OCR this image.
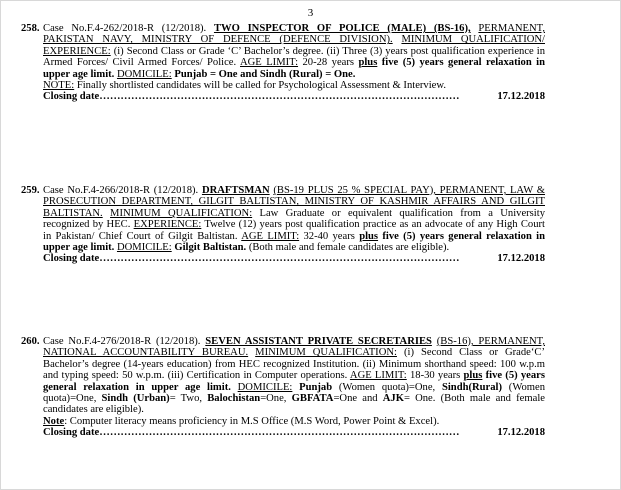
3
258. Case No.F.4-262/2018-R (12/2018). TWO INSPECTOR OF POLICE (MALE) (BS-16), PERMANENT, PAKISTAN NAVY, MINISTRY OF DEFENCE (DEFENCE DIVISION). MINIMUM QUALIFICATION/ EXPERIENCE: (i) Second Class or Grade ‘C’ Bachelor’s degree. (ii) Three (3) years post qualification experience in Armed Forces/ Civil Armed Forces/ Police. AGE LIMIT: 20-28 years plus five (5) years general relaxation in upper age limit. DOMICILE: Punjab = One and Sindh (Rural) = One.

NOTE: Finally shortlisted candidates will be called for Psychological Assessment & Interview.

Closing date …………………………………………………………………………………………	17.12.2018
259. Case No.F.4-266/2018-R (12/2018). DRAFTSMAN (BS-19 PLUS 25 % SPECIAL PAY), PERMANENT, LAW & PROSECUTION DEPARTMENT, GILGIT BALTISTAN, MINISTRY OF KASHMIR AFFAIRS AND GILGIT BALTISTAN. MINIMUM QUALIFICATION: Law Graduate or equivalent qualification from a University recognized by HEC. EXPERIENCE: Twelve (12) years post qualification practice as an advocate of any High Court in Pakistan/ Chief Court of Gilgit Baltistan. AGE LIMIT: 32-40 years plus five (5) years general relaxation in upper age limit. DOMICILE: Gilgit Baltistan. (Both male and female candidates are eligible).

Closing date …………………………………………………………………………………………	17.12.2018
260. Case No.F.4-276/2018-R (12/2018). SEVEN ASSISTANT PRIVATE SECRETARIES (BS-16), PERMANENT, NATIONAL ACCOUNTABILITY BUREAU. MINIMUM QUALIFICATION: (i) Second Class or Grade‘C’ Bachelor’s degree (14-years education) from HEC recognized Institution. (ii) Minimum shorthand speed: 100 w.p.m and typing speed: 50 w.p.m. (iii) Certification in Computer operations. AGE LIMIT: 18-30 years plus five (5) years general relaxation in upper age limit. DOMICILE: Punjab (Women quota)=One, Sindh(Rural) (Women quota)=One, Sindh (Urban)= Two, Balochistan=One, GBFATA=One and AJK= One. (Both male and female candidates are eligible).

Note: Computer literacy means proficiency in M.S Office (M.S Word, Power Point & Excel).

Closing date …………………………………………………………………………………………	17.12.2018
